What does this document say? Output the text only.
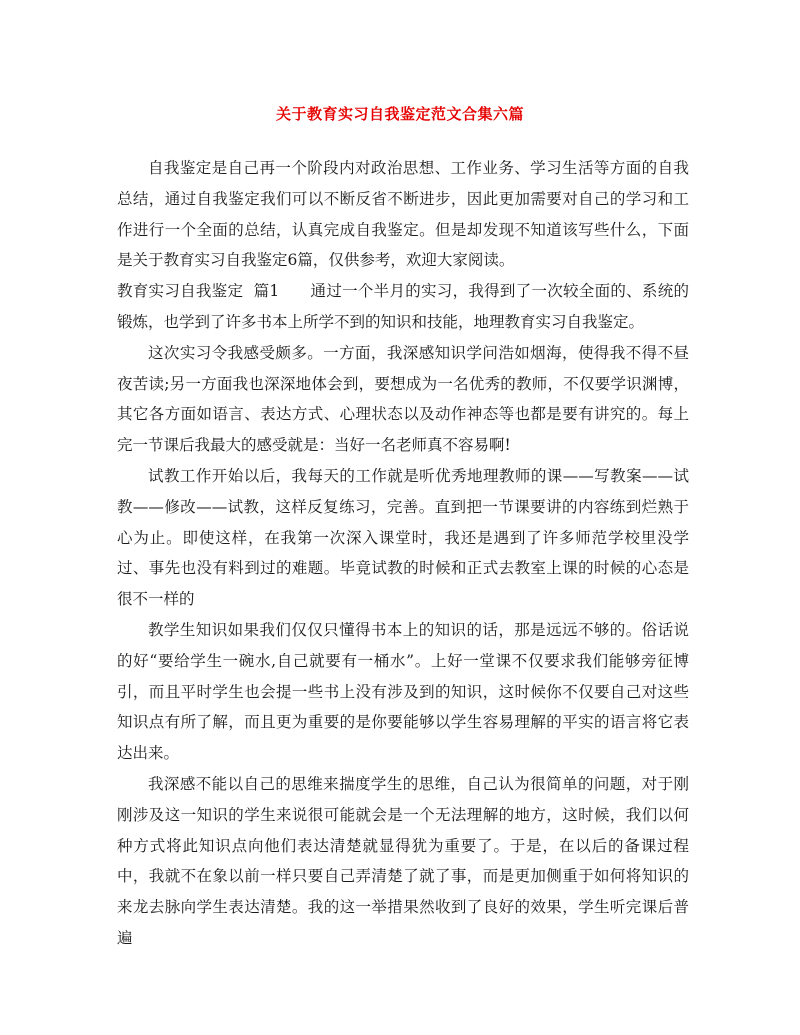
关于教育实习自我鉴定范文合集六篇

自我鉴定是自己再一个阶段内对政治思想、工作业务、学习生活等方面的自我总结，通过自我鉴定我们可以不断反省不断进步，因此更加需要对自己的学习和工作进行一个全面的总结，认真完成自我鉴定。但是却发现不知道该写些什么，下面是关于教育实习自我鉴定6篇，仅供参考，欢迎大家阅读。

教育实习自我鉴定  篇1      通过一个半月的实习，我得到了一次较全面的、系统的锻炼，也学到了许多书本上所学不到的知识和技能，地理教育实习自我鉴定。

这次实习令我感受颇多。一方面，我深感知识学问浩如烟海，使得我不得不昼夜苦读;另一方面我也深深地体会到，要想成为一名优秀的教师，不仅要学识渊博，其它各方面如语言、表达方式、心理状态以及动作神态等也都是要有讲究的。每上完一节课后我最大的感受就是：当好一名老师真不容易啊!

试教工作开始以后，我每天的工作就是听优秀地理教师的课——写教案——试教——修改——试教，这样反复练习，完善。直到把一节课要讲的内容练到烂熟于心为止。即使这样，在我第一次深入课堂时，我还是遇到了许多师范学校里没学过、事先也没有料到过的难题。毕竟试教的时候和正式去教室上课的时候的心态是很不一样的

教学生知识如果我们仅仅只懂得书本上的知识的话，那是远远不够的。俗话说的好“要给学生一碗水,自己就要有一桶水”。上好一堂课不仅要求我们能够旁征博引，而且平时学生也会提一些书上没有涉及到的知识，这时候你不仅要自己对这些知识点有所了解，而且更为重要的是你要能够以学生容易理解的平实的语言将它表达出来。

我深感不能以自己的思维来揣度学生的思维，自己认为很简单的问题，对于刚刚涉及这一知识的学生来说很可能就会是一个无法理解的地方，这时候，我们以何种方式将此知识点向他们表达清楚就显得犹为重要了。于是，在以后的备课过程中，我就不在象以前一样只要自己弄清楚了就了事，而是更加侧重于如何将知识的来龙去脉向学生表达清楚。我的这一举措果然收到了良好的效果，学生听完课后普遍
